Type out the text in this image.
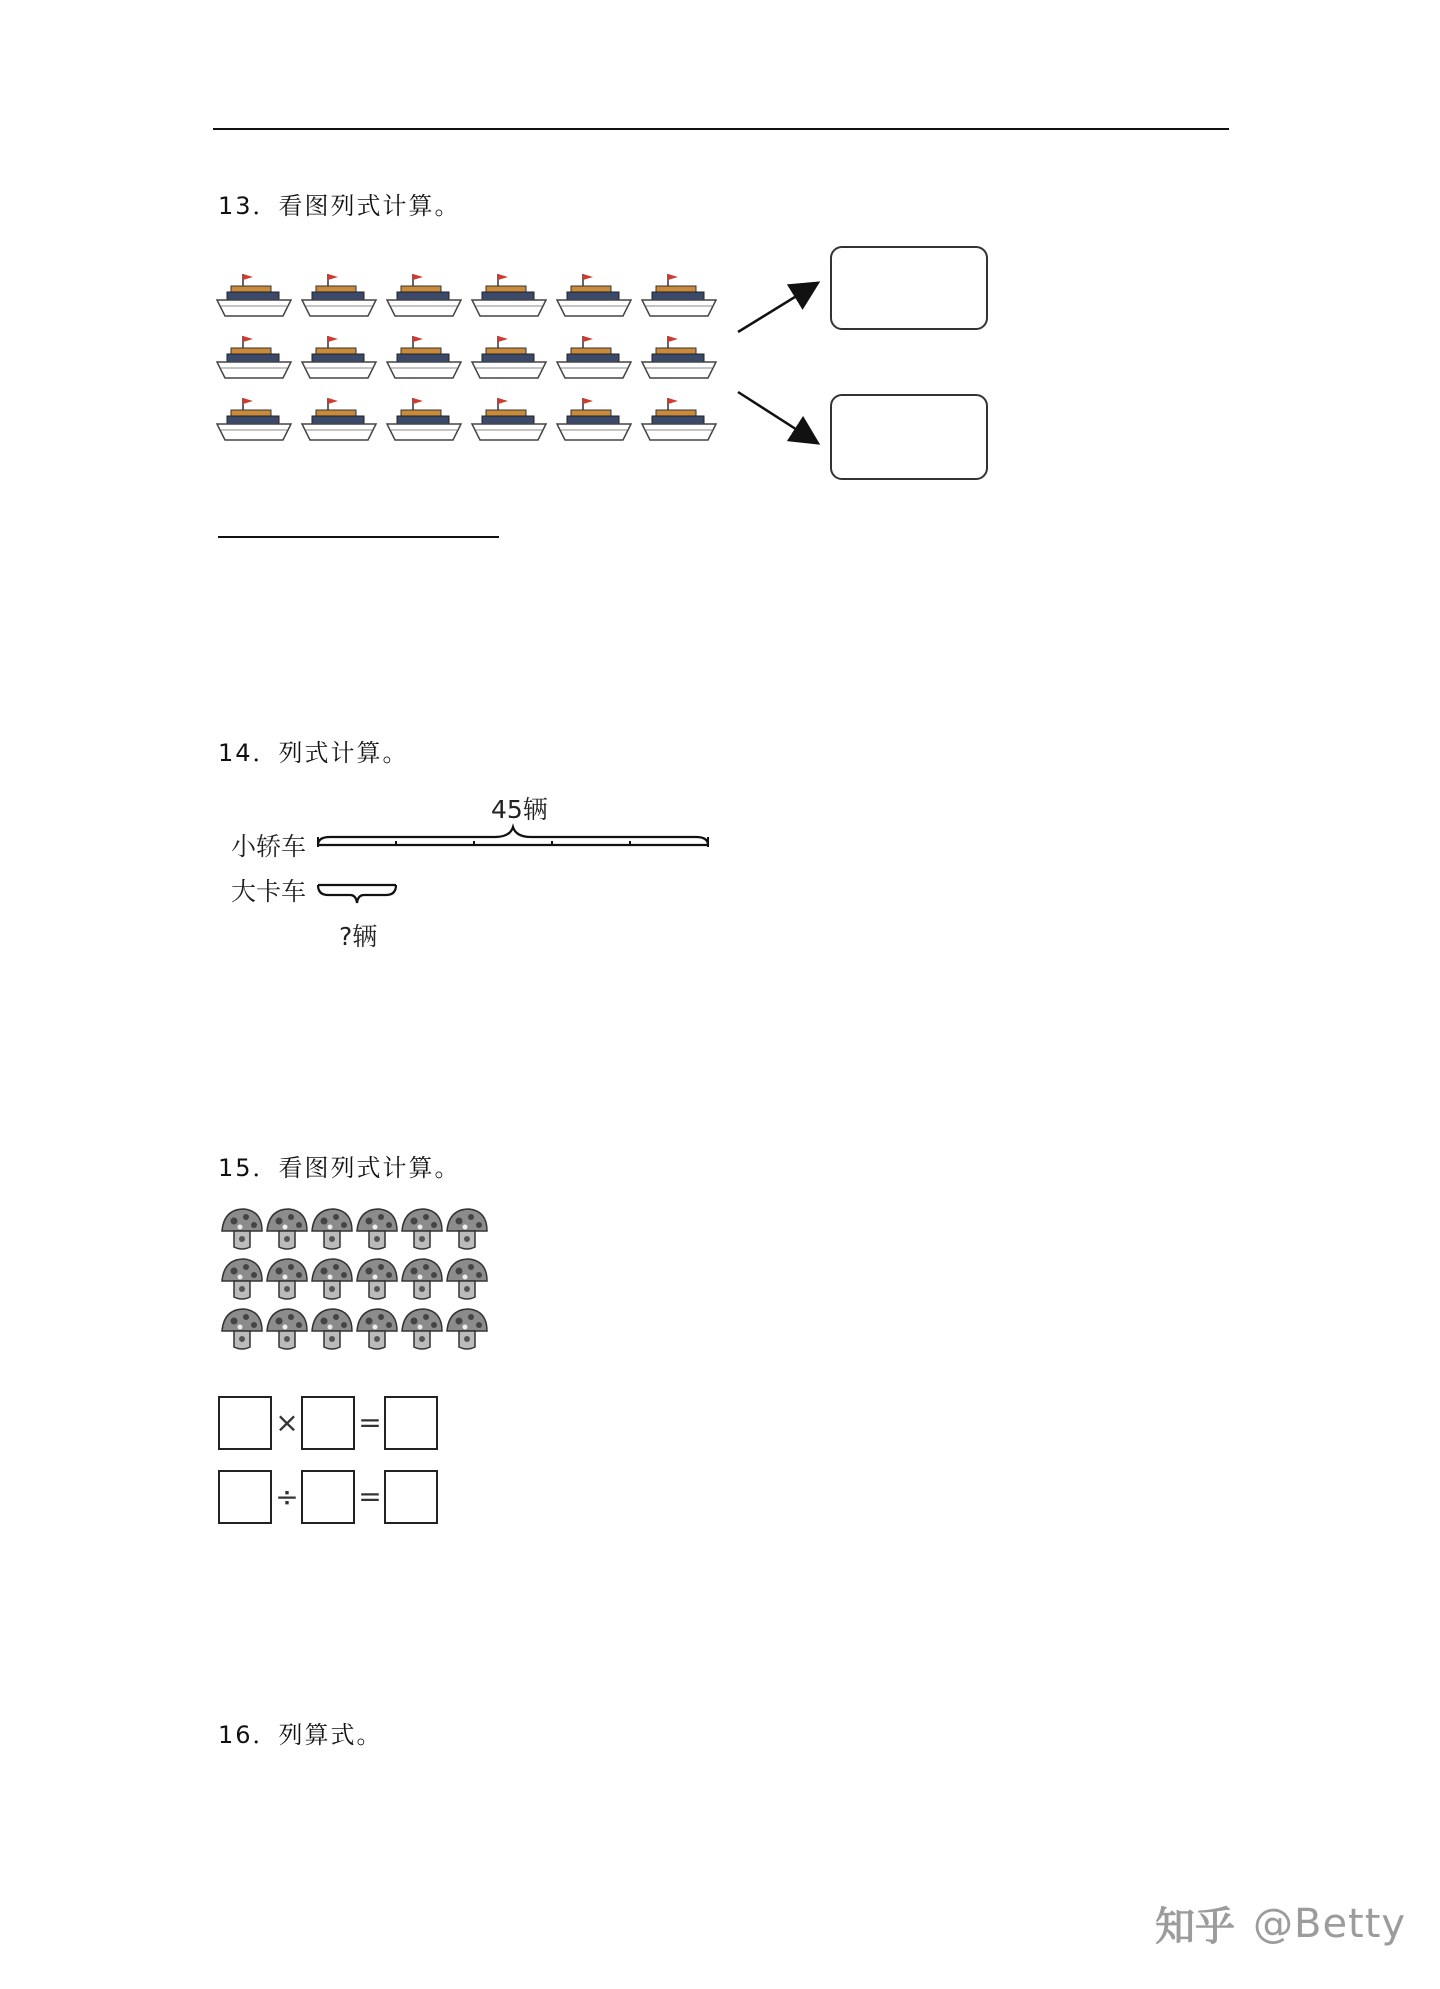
13．看图列式计算。
14．列式计算。
小轿车
大卡车
45辆
?辆
15．看图列式计算。
× =
÷ =
16．列算式。
知乎 @Betty
